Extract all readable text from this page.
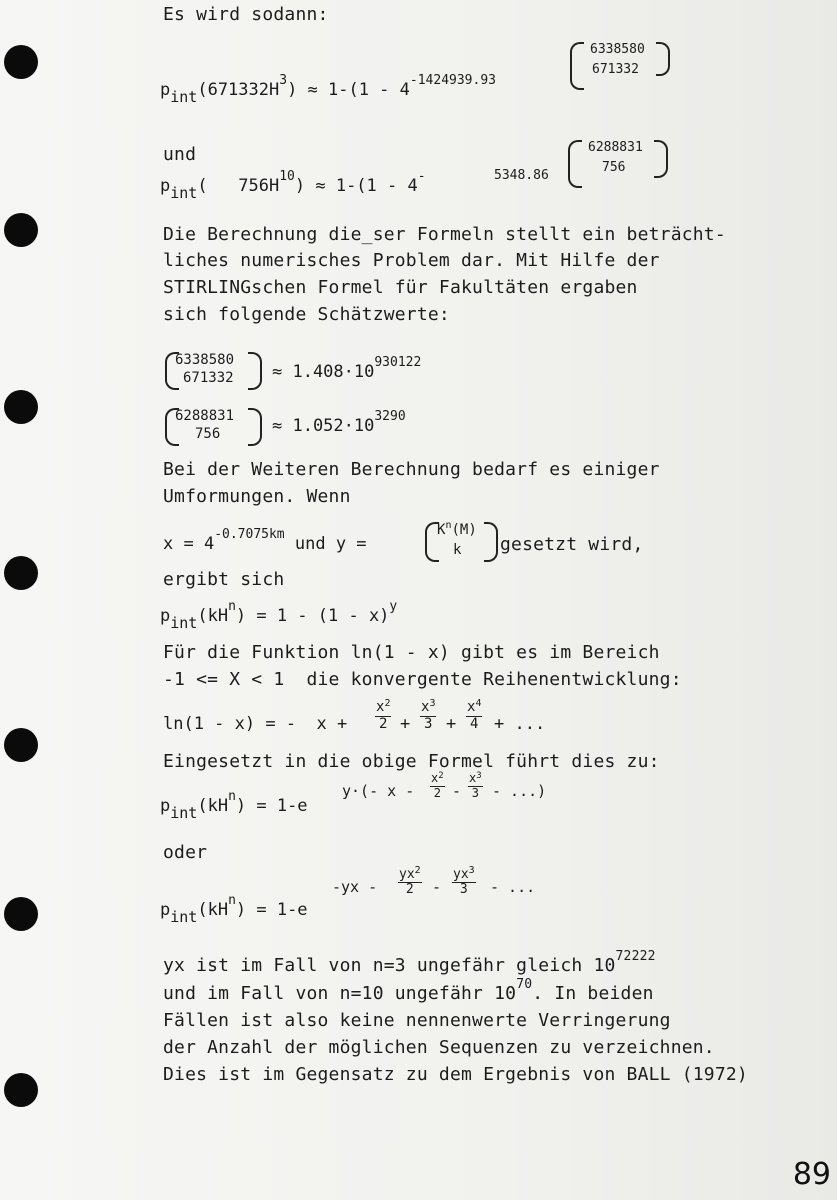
Es wird sodann:
$pint(671332H^3) \approx 1-(1 - 4^{-1424939.93}$
6338580
671332
und
pint(   $756H^{10}) \approx 1-(1 - 4^-$	5348.86
6288831
756
Die Berechnung die_ser Formeln stellt ein beträcht-
liches numerisches Problem dar. Mit Hilfe der
STIRLINGschen Formel für Fakultäten ergaben
sich folgende Schätzwerte:
6338580
$671332 \approx 1.408\cdot 10^{930122}$
6288831
756	≈ $1.052\cdot 10^{3290}$
Bei der Weiteren Berechnung bedarf es einiger
Umformungen. Wenn
$x = 4^{-0.7075km}$ und y =
$K^n(M)$
k gesetzt wird,
ergibt sich
$pint(kH^n) = 1 - (1 - x)^y$
Für die Funktion ln(1 - x) gibt es im Bereich
-1 <= X < 1  die konvergente Reihenentwicklung:
ln(1 - x) = -  $x + \frac{x^2}{2} + \frac{x^3}{3} + \frac{x^4}{4}$ + ...
Eingesetzt in die obige Formel führt dies zu:
$pint(kH^n) = 1-e$
y·(- x - $\frac{x^2}{2} - \frac{x^3}{3}$ - ...)
oder
$pint(kH^n) = 1-e$
$-yx - \frac{yx^2}{2} - \frac{yx^3}{3}$ - ...
yx ist im Fall von n=3 ungefähr gleich $10^{72222}$
und im Fall von n=10 ungefähr $10^{70}$. In beiden
Fällen ist also keine nennenwerte Verringerung
der Anzahl der möglichen Sequenzen zu verzeichnen.
Dies ist im Gegensatz zu dem Ergebnis von BALL (1972)
89
